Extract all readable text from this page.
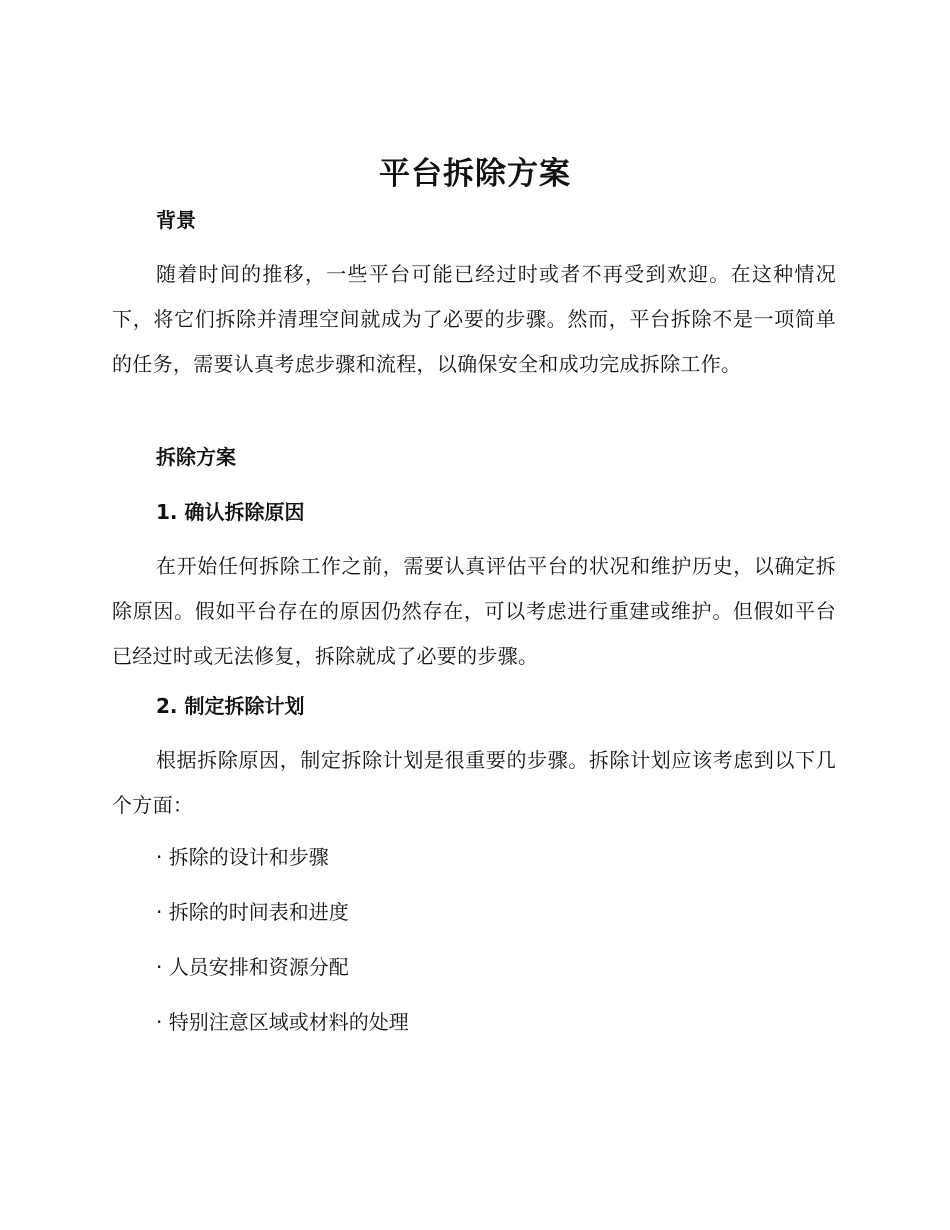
平台拆除方案
背景
随着时间的推移，一些平台可能已经过时或者不再受到欢迎。在这种情况下，将它们拆除并清理空间就成为了必要的步骤。然而，平台拆除不是一项简单的任务，需要认真考虑步骤和流程，以确保安全和成功完成拆除工作。
拆除方案
1. 确认拆除原因
在开始任何拆除工作之前，需要认真评估平台的状况和维护历史，以确定拆除原因。假如平台存在的原因仍然存在，可以考虑进行重建或维护。但假如平台已经过时或无法修复，拆除就成了必要的步骤。
2. 制定拆除计划
根据拆除原因，制定拆除计划是很重要的步骤。拆除计划应该考虑到以下几个方面：
· 拆除的设计和步骤
· 拆除的时间表和进度
· 人员安排和资源分配
· 特别注意区域或材料的处理
